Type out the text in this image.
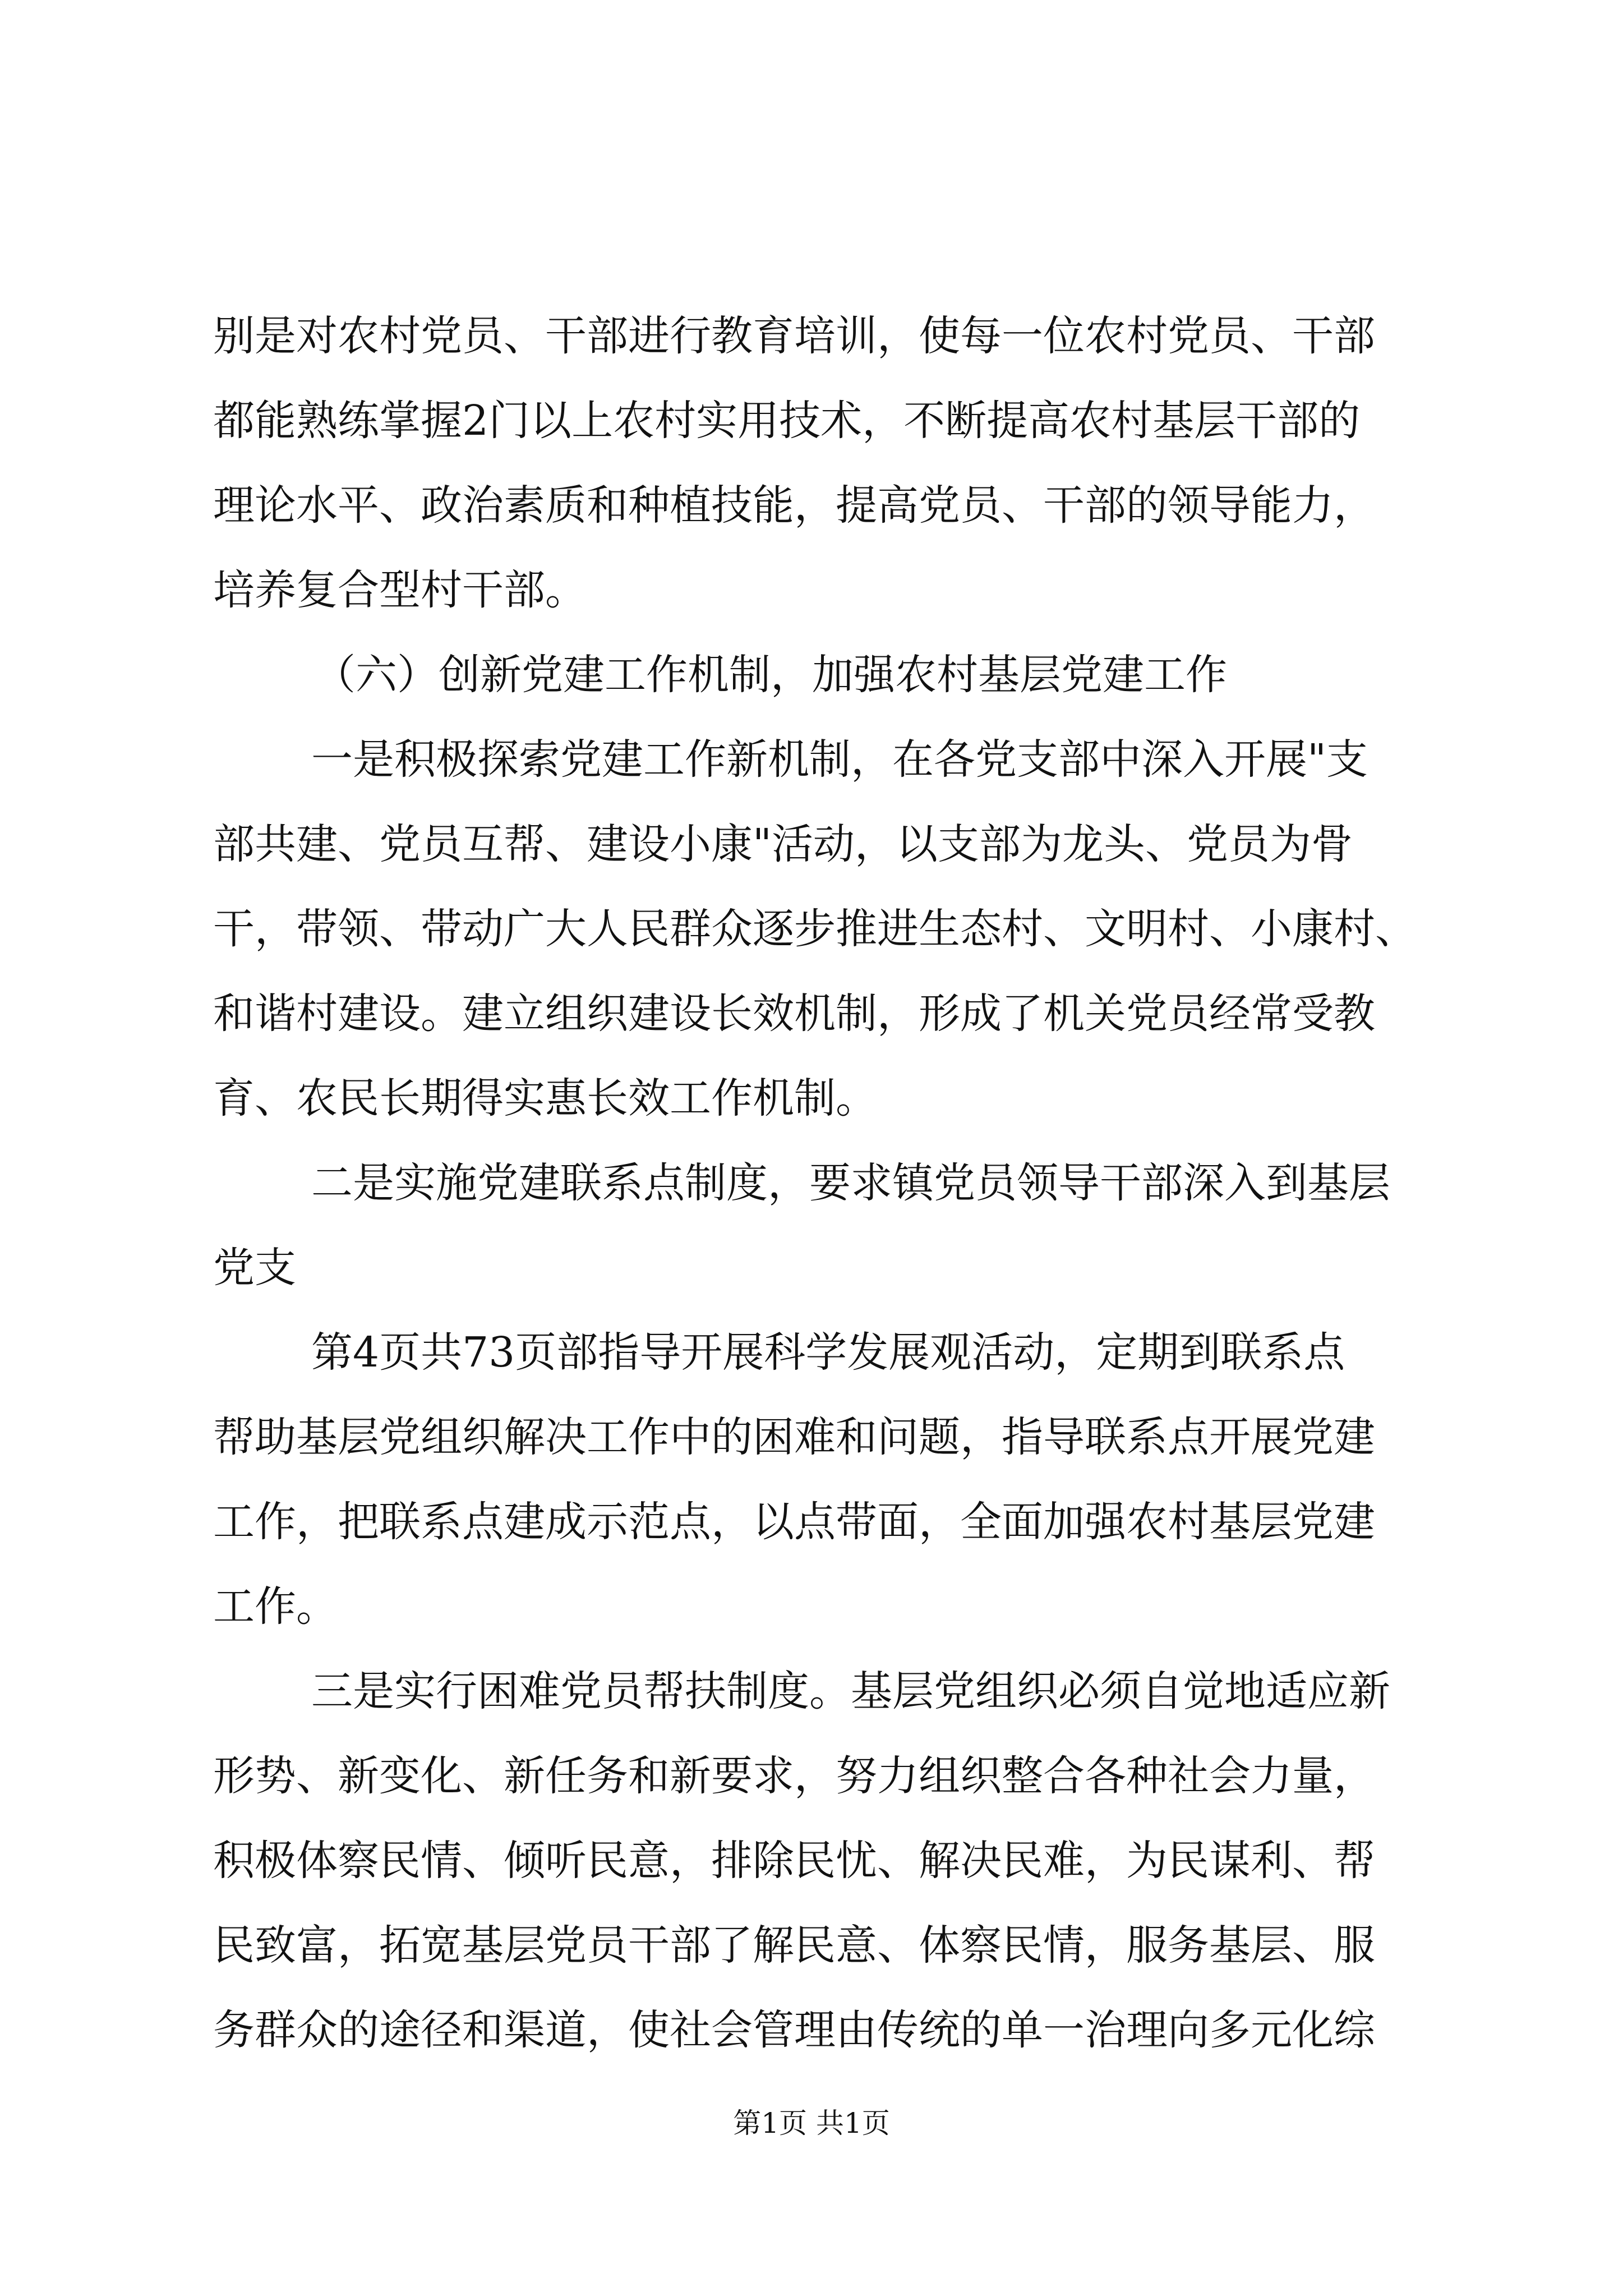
别是对农村党员、干部进行教育培训，使每一位农村党员、干部
都能熟练掌握2门以上农村实用技术，不断提高农村基层干部的
理论水平、政治素质和种植技能，提高党员、干部的领导能力，
培养复合型村干部。
（六）创新党建工作机制，加强农村基层党建工作
一是积极探索党建工作新机制，在各党支部中深入开展"支
部共建、党员互帮、建设小康"活动，以支部为龙头、党员为骨
干，带领、带动广大人民群众逐步推进生态村、文明村、小康村、
和谐村建设。建立组织建设长效机制，形成了机关党员经常受教
育、农民长期得实惠长效工作机制。
二是实施党建联系点制度，要求镇党员领导干部深入到基层
党支
第4页共73页部指导开展科学发展观活动，定期到联系点
帮助基层党组织解决工作中的困难和问题，指导联系点开展党建
工作，把联系点建成示范点，以点带面，全面加强农村基层党建
工作。
三是实行困难党员帮扶制度。基层党组织必须自觉地适应新
形势、新变化、新任务和新要求，努力组织整合各种社会力量，
积极体察民情、倾听民意，排除民忧、解决民难，为民谋利、帮
民致富，拓宽基层党员干部了解民意、体察民情，服务基层、服
务群众的途径和渠道，使社会管理由传统的单一治理向多元化综
第1页 共1页
